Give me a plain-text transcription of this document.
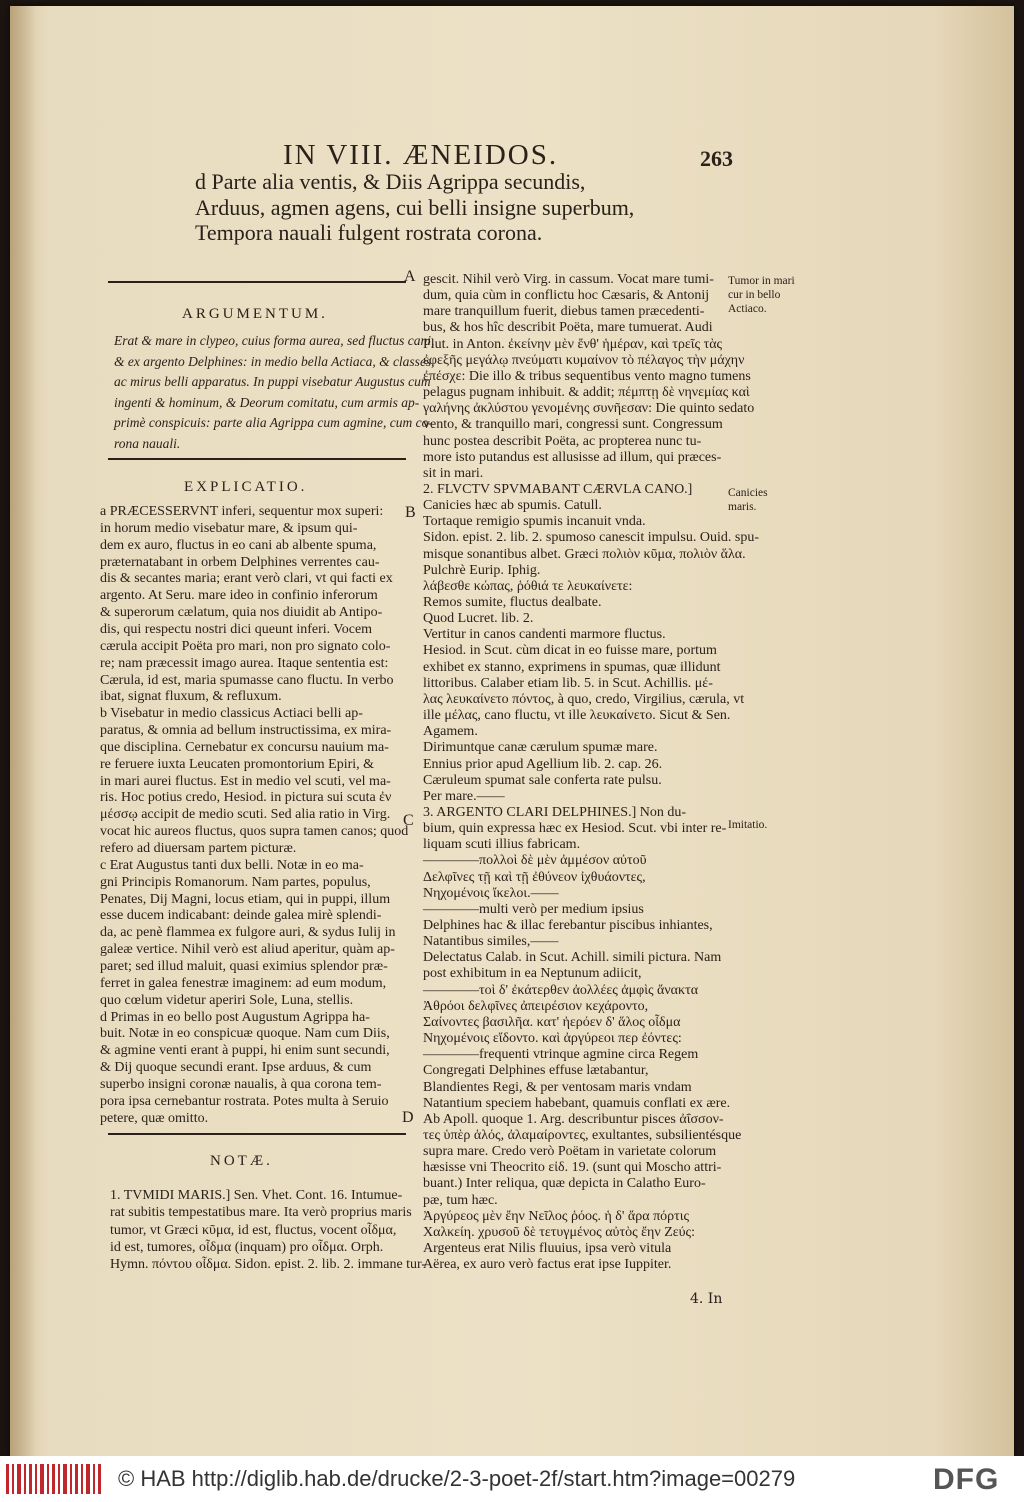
IN VIII. ÆNEIDOS.	263

d Parte alia ventis, & Diis Agrippa secundis,

Arduus, agmen agens, cui belli insigne superbum,

Tempora nauali fulgent rostrata corona.

ARGUMENTUM.

Erat & mare in clypeo, cuius forma aurea, sed fluctus cani,

& ex argento Delphines: in medio bella Actiaca, & classes,

ac mirus belli apparatus. In puppi visebatur Augustus cum

ingenti & hominum, & Deorum comitatu, cum armis ap-

primè conspicuis: parte alia Agrippa cum agmine, cum co-

rona nauali.

EXPLICATIO.

a PRÆCESSERVNT inferi, sequentur mox superi:

in horum medio visebatur mare, & ipsum qui-

dem ex auro, fluctus in eo cani ab albente spuma,

præternatabant in orbem Delphines verrentes cau-

dis & secantes maria; erant verò clari, vt qui facti ex

argento. At Seru. mare ideo in confinio inferorum

& superorum cælatum, quia nos diuidit ab Antipo-

dis, qui respectu nostri dici queunt inferi. Vocem

cærula accipit Poëta pro mari, non pro signato colo-

re; nam præcessit imago aurea. Itaque sententia est:

Cærula, id est, maria spumasse cano fluctu. In verbo

ibat, signat fluxum, & refluxum.

b Visebatur in medio classicus Actiaci belli ap-

paratus, & omnia ad bellum instructissima, ex mira-

que disciplina. Cernebatur ex concursu nauium ma-

re feruere iuxta Leucaten promontorium Epiri, &

in mari aurei fluctus. Est in medio vel scuti, vel ma-

ris. Hoc potius credo, Hesiod. in pictura sui scuta ἐν

μέσσῳ accipit de medio scuti. Sed alia ratio in Virg.

vocat hic aureos fluctus, quos supra tamen canos; quod

refero ad diuersam partem picturæ.

c Erat Augustus tanti dux belli. Notæ in eo ma-

gni Principis Romanorum. Nam partes, populus,

Penates, Dij Magni, locus etiam, qui in puppi, illum

esse ducem indicabant: deinde galea mirè splendi-

da, ac penè flammea ex fulgore auri, & sydus Iulij in

galeæ vertice. Nihil verò est aliud aperitur, quàm ap-

paret; sed illud maluit, quasi eximius splendor præ-

ferret in galea fenestræ imaginem: ad eum modum,

quo cœlum videtur aperiri Sole, Luna, stellis.

d Primas in eo bello post Augustum Agrippa ha-

buit. Notæ in eo conspicuæ quoque. Nam cum Diis,

& agmine venti erant à puppi, hi enim sunt secundi,

& Dij quoque secundi erant. Ipse arduus, & cum

superbo insigni coronæ naualis, à qua corona tem-

pora ipsa cernebantur rostrata. Potes multa à Seruio

petere, quæ omitto.

NOTÆ.

1. TVMIDI MARIS.] Sen. Vhet. Cont. 16. Intumue-

rat subitis tempestatibus mare. Ita verò proprius maris

tumor, vt Græci κῦμα, id est, fluctus, vocent οἶδμα,

id est, tumores, οἶδμα (inquam) pro οἶδμα. Orph.

Hymn. πόντου οἶδμα. Sidon. epist. 2. lib. 2. immane tur-

gescit. Nihil verò Virg. in cassum. Vocat mare tumi-

dum, quia cùm in conflictu hoc Cæsaris, & Antonij

mare tranquillum fuerit, diebus tamen præcedenti-

bus, & hos hîc describit Poëta, mare tumuerat. Audi

Plut. in Anton. ἐκείνην μὲν ἔνθ' ἡμέραν, καὶ τρεῖς τὰς

ἐφεξῆς μεγάλῳ πνεύματι κυμαίνον τὸ πέλαγος τὴν μάχην

ἐπέσχε: Die illo & tribus sequentibus vento magno tumens

pelagus pugnam inhibuit. & addit; πέμπτῃ δὲ νηνεμίας καὶ

γαλήνης ἀκλύστου γενομένης συνῆεσαν: Die quinto sedato

vento, & tranquillo mari, congressi sunt. Congressum

hunc postea describit Poëta, ac propterea nunc tu-

more isto putandus est allusisse ad illum, qui præces-

sit in mari.

2. FLVCTV SPVMABANT CÆRVLA CANO.]

Canicies hæc ab spumis. Catull.

Tortaque remigio spumis incanuit vnda.

Sidon. epist. 2. lib. 2. spumoso canescit impulsu. Ouid. spu-

misque sonantibus albet. Græci πολιὸν κῦμα, πολιὸν ἅλα.

Pulchrè Eurip. Iphig.

λάβεσθε κώπας, ῥόθιά τε λευκαίνετε:

Remos sumite, fluctus dealbate.

Quod Lucret. lib. 2.

Vertitur in canos candenti marmore fluctus.

Hesiod. in Scut. cùm dicat in eo fuisse mare, portum

exhibet ex stanno, exprimens in spumas, quæ illidunt

littoribus. Calaber etiam lib. 5. in Scut. Achillis. μέ-

λας λευκαίνετο πόντος, à quo, credo, Virgilius, cærula, vt

ille μέλας, cano fluctu, vt ille λευκαίνετο. Sicut & Sen.

Agamem.

Dirimuntque canæ cærulum spumæ mare.

Ennius prior apud Agellium lib. 2. cap. 26.

Cæruleum spumat sale conferta rate pulsu.

Per mare.——

3. ARGENTO CLARI DELPHINES.] Non du-

bium, quin expressa hæc ex Hesiod. Scut. vbi inter re-

liquam scuti illius fabricam.

————πολλοὶ δὲ μὲν ἀμμέσον αὐτοῦ

Δελφῖνες τῇ καὶ τῇ ἐθύνεον ἰχθυάοντες,

Νηχομένοις ἴκελοι.——

————multi verò per medium ipsius

Delphines hac & illac ferebantur piscibus inhiantes,

Natantibus similes,——

Delectatus Calab. in Scut. Achill. simili pictura. Nam

post exhibitum in ea Neptunum adiicit,

————τοὶ δ' ἐκάτερθεν ἀολλέες ἀμφὶς ἄνακτα

Ἀθρόοι δελφῖνες ἀπειρέσιον κεχάροντο,

Σαίνοντες βασιλῆα. κατ' ἠερόεν δ' ἅλος οἶδμα

Νηχομένοις εἴδοντο. καὶ ἀργύρεοι περ ἐόντες:

————frequenti vtrinque agmine circa Regem

Congregati Delphines effuse lætabantur,

Blandientes Regi, & per ventosam maris vndam

Natantium speciem habebant, quamuis conflati ex ære.

Ab Apoll. quoque 1. Arg. describuntur pisces ἀΐσσον-

τες ὑπὲρ ἁλός, ἀλαμαίροντες, exultantes, subsilientésque

supra mare. Credo verò Poëtam in varietate colorum

hæsisse vni Theocrito εἰδ. 19. (sunt qui Moscho attri-

buant.) Inter reliqua, quæ depicta in Calatho Euro-

pæ, tum hæc.

Ἀργύρεος μὲν ἔην Νεῖλος ῥόος. ἡ δ' ἄρα πόρτις

Χαλκείη. χρυσοῦ δὲ τετυγμένος αὐτὸς ἔην Ζεύς:

Argenteus erat Nilis fluuius, ipsa verò vitula

Aërea, ex auro verò factus erat ipse Iuppiter.

A

B

C

D

Tumor in mari cur in bello Actiaco.

Canicies maris.

Imitatio.

4. In

© HAB http://diglib.hab.de/drucke/2-3-poet-2f/start.htm?image=00279	DFG
